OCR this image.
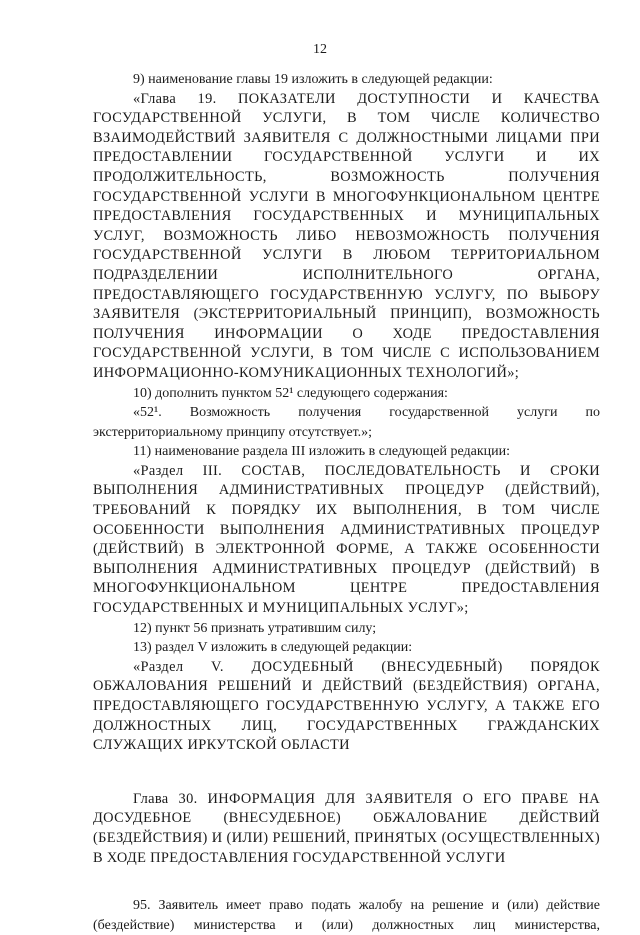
12

9) наименование главы 19 изложить в следующей редакции:

«Глава 19. ПОКАЗАТЕЛИ ДОСТУПНОСТИ И КАЧЕСТВА ГОСУДАРСТВЕННОЙ УСЛУГИ, В ТОМ ЧИСЛЕ КОЛИЧЕСТВО ВЗАИМОДЕЙСТВИЙ ЗАЯВИТЕЛЯ С ДОЛЖНОСТНЫМИ ЛИЦАМИ ПРИ ПРЕДОСТАВЛЕНИИ ГОСУДАРСТВЕННОЙ УСЛУГИ И ИХ ПРОДОЛЖИТЕЛЬНОСТЬ, ВОЗМОЖНОСТЬ ПОЛУЧЕНИЯ ГОСУДАРСТВЕННОЙ УСЛУГИ В МНОГОФУНКЦИОНАЛЬНОМ ЦЕНТРЕ ПРЕДОСТАВЛЕНИЯ ГОСУДАРСТВЕННЫХ И МУНИЦИПАЛЬНЫХ УСЛУГ, ВОЗМОЖНОСТЬ ЛИБО НЕВОЗМОЖНОСТЬ ПОЛУЧЕНИЯ ГОСУДАРСТВЕННОЙ УСЛУГИ В ЛЮБОМ ТЕРРИТОРИАЛЬНОМ ПОДРАЗДЕЛЕНИИ ИСПОЛНИТЕЛЬНОГО ОРГАНА, ПРЕДОСТАВЛЯЮЩЕГО ГОСУДАРСТВЕННУЮ УСЛУГУ, ПО ВЫБОРУ ЗАЯВИТЕЛЯ (ЭКСТЕРРИТОРИАЛЬНЫЙ ПРИНЦИП), ВОЗМОЖНОСТЬ ПОЛУЧЕНИЯ ИНФОРМАЦИИ О ХОДЕ ПРЕДОСТАВЛЕНИЯ ГОСУДАРСТВЕННОЙ УСЛУГИ, В ТОМ ЧИСЛЕ С ИСПОЛЬЗОВАНИЕМ ИНФОРМАЦИОННО-КОМУНИКАЦИОННЫХ ТЕХНОЛОГИЙ»;

10) дополнить пунктом 52¹ следующего содержания:

«52¹. Возможность получения государственной услуги по экстерриториальному принципу отсутствует.»;

11) наименование раздела III изложить в следующей редакции:

«Раздел III. СОСТАВ, ПОСЛЕДОВАТЕЛЬНОСТЬ И СРОКИ ВЫПОЛНЕНИЯ АДМИНИСТРАТИВНЫХ ПРОЦЕДУР (ДЕЙСТВИЙ), ТРЕБОВАНИЙ К ПОРЯДКУ ИХ ВЫПОЛНЕНИЯ, В ТОМ ЧИСЛЕ ОСОБЕННОСТИ ВЫПОЛНЕНИЯ АДМИНИСТРАТИВНЫХ ПРОЦЕДУР (ДЕЙСТВИЙ) В ЭЛЕКТРОННОЙ ФОРМЕ, А ТАКЖЕ ОСОБЕННОСТИ ВЫПОЛНЕНИЯ АДМИНИСТРАТИВНЫХ ПРОЦЕДУР (ДЕЙСТВИЙ) В МНОГОФУНКЦИОНАЛЬНОМ ЦЕНТРЕ ПРЕДОСТАВЛЕНИЯ ГОСУДАРСТВЕННЫХ И МУНИЦИПАЛЬНЫХ УСЛУГ»;

12) пункт 56 признать утратившим силу;

13) раздел V изложить в следующей редакции:

«Раздел V. ДОСУДЕБНЫЙ (ВНЕСУДЕБНЫЙ) ПОРЯДОК ОБЖАЛОВАНИЯ РЕШЕНИЙ И ДЕЙСТВИЙ (БЕЗДЕЙСТВИЯ) ОРГАНА, ПРЕДОСТАВЛЯЮЩЕГО ГОСУДАРСТВЕННУЮ УСЛУГУ, А ТАКЖЕ ЕГО ДОЛЖНОСТНЫХ ЛИЦ, ГОСУДАРСТВЕННЫХ ГРАЖДАНСКИХ СЛУЖАЩИХ ИРКУТСКОЙ ОБЛАСТИ

Глава 30. ИНФОРМАЦИЯ ДЛЯ ЗАЯВИТЕЛЯ О ЕГО ПРАВЕ НА ДОСУДЕБНОЕ (ВНЕСУДЕБНОЕ) ОБЖАЛОВАНИЕ ДЕЙСТВИЙ (БЕЗДЕЙСТВИЯ) И (ИЛИ) РЕШЕНИЙ, ПРИНЯТЫХ (ОСУЩЕСТВЛЕННЫХ) В ХОДЕ ПРЕДОСТАВЛЕНИЯ ГОСУДАРСТВЕННОЙ УСЛУГИ

95. Заявитель имеет право подать жалобу на решение и (или) действие (бездействие) министерства и (или) должностных лиц министерства,
